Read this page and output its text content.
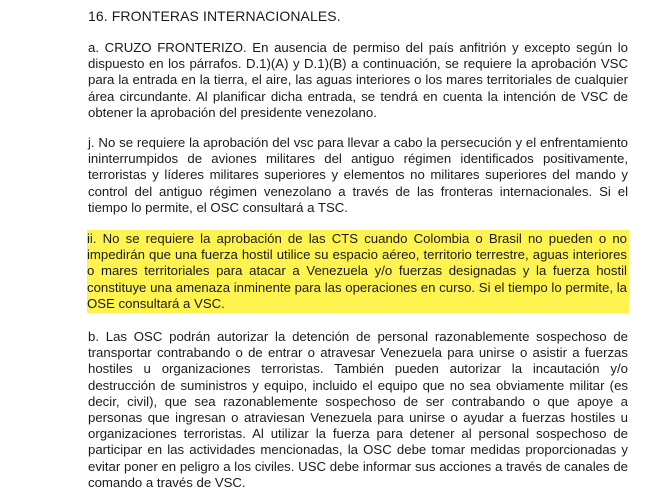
16. FRONTERAS INTERNACIONALES.
a. CRUZO FRONTERIZO. En ausencia de permiso del país anfitrión y excepto según lo dispuesto en los párrafos. D.1)(A) y D.1)(B) a continuación, se requiere la aprobación VSC para la entrada en la tierra, el aire, las aguas interiores o los mares territoriales de cualquier área circundante. Al planificar dicha entrada, se tendrá en cuenta la intención de VSC de obtener la aprobación del presidente venezolano.
j. No se requiere la aprobación del vsc para llevar a cabo la persecución y el enfrentamiento ininterrumpidos de aviones militares del antiguo régimen identificados positivamente, terroristas y líderes militares superiores y elementos no militares superiores del mando y control del antiguo régimen venezolano a través de las fronteras internacionales. Si el tiempo lo permite, el OSC consultará a TSC.
ii. No se requiere la aprobación de las CTS cuando Colombia o Brasil no pueden o no impedirán que una fuerza hostil utilice su espacio aéreo, territorio terrestre, aguas interiores o mares territoriales para atacar a Venezuela y/o fuerzas designadas y la fuerza hostil constituye una amenaza inminente para las operaciones en curso. Si el tiempo lo permite, la OSE consultará a VSC.
b. Las OSC podrán autorizar la detención de personal razonablemente sospechoso de transportar contrabando o de entrar o atravesar Venezuela para unirse o asistir a fuerzas hostiles u organizaciones terroristas. También pueden autorizar la incautación y/o destrucción de suministros y equipo, incluido el equipo que no sea obviamente militar (es decir, civil), que sea razonablemente sospechoso de ser contrabando o que apoye a personas que ingresan o atraviesan Venezuela para unirse o ayudar a fuerzas hostiles u organizaciones terroristas. Al utilizar la fuerza para detener al personal sospechoso de participar en las actividades mencionadas, la OSC debe tomar medidas proporcionadas y evitar poner en peligro a los civiles. USC debe informar sus acciones a través de canales de comando a través de VSC.
